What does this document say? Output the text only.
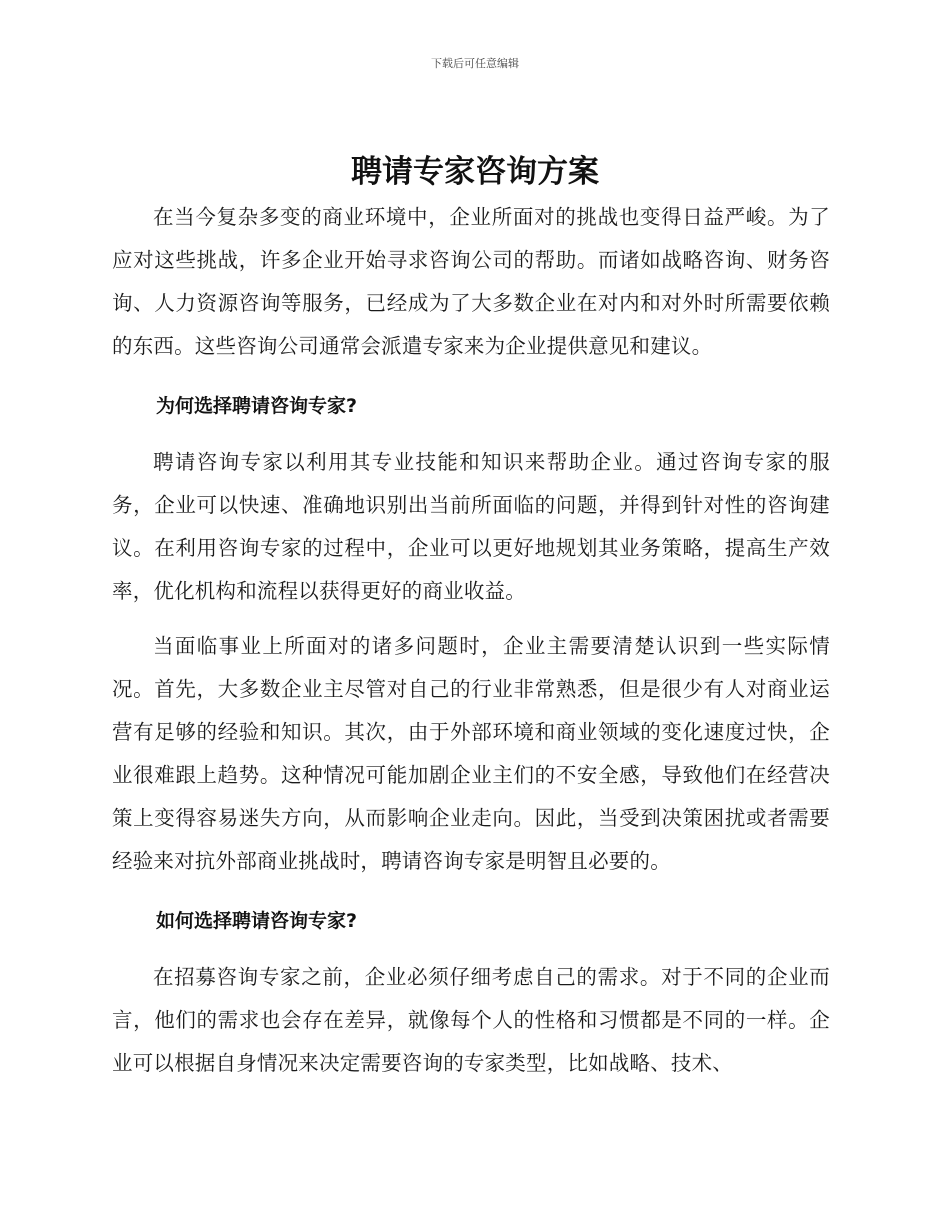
下载后可任意编辑
聘请专家咨询方案

在当今复杂多变的商业环境中，企业所面对的挑战也变得日益严峻。为了应对这些挑战，许多企业开始寻求咨询公司的帮助。而诸如战略咨询、财务咨询、人力资源咨询等服务，已经成为了大多数企业在对内和对外时所需要依赖的东西。这些咨询公司通常会派遣专家来为企业提供意见和建议。

为何选择聘请咨询专家?

聘请咨询专家以利用其专业技能和知识来帮助企业。通过咨询专家的服务，企业可以快速、准确地识别出当前所面临的问题，并得到针对性的咨询建议。在利用咨询专家的过程中，企业可以更好地规划其业务策略，提高生产效率，优化机构和流程以获得更好的商业收益。

当面临事业上所面对的诸多问题时，企业主需要清楚认识到一些实际情况。首先，大多数企业主尽管对自己的行业非常熟悉，但是很少有人对商业运营有足够的经验和知识。其次，由于外部环境和商业领域的变化速度过快，企业很难跟上趋势。这种情况可能加剧企业主们的不安全感，导致他们在经营决策上变得容易迷失方向，从而影响企业走向。因此，当受到决策困扰或者需要经验来对抗外部商业挑战时，聘请咨询专家是明智且必要的。

如何选择聘请咨询专家?

在招募咨询专家之前，企业必须仔细考虑自己的需求。对于不同的企业而言，他们的需求也会存在差异，就像每个人的性格和习惯都是不同的一样。企业可以根据自身情况来决定需要咨询的专家类型，比如战略、技术、
